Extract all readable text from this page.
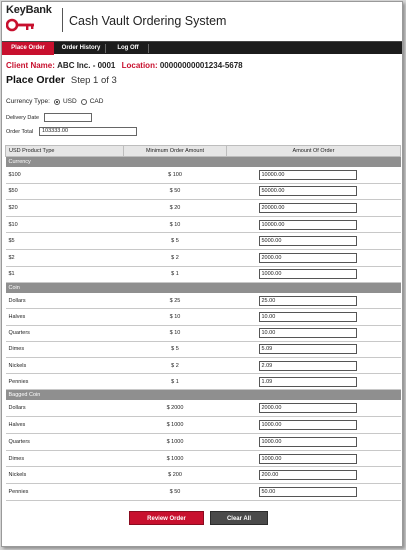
KeyBank
Cash Vault Ordering System
Place Order	Order History	Log Off
Client Name: ABC Inc. - 0001 Location: 00000000001234-5678
Place Order Step 1 of 3
Currency Type: USD CAD
Delivery Date
Order Total	103333.00
USD Product Type	Minimum Order Amount	Amount Of Order
Currency		
$100	$ 100	10000.00

$50	$ 50	50000.00

$20	$ 20	20000.00

$10	$ 10	10000.00

$5	$ 5	5000.00

$2	$ 2	2000.00

$1	$ 1	1000.00

Coin		
Dollars	$ 25	25.00

Halves	$ 10	10.00

Quarters	$ 10	10.00

Dimes	$ 5	5.09

Nickels	$ 2	2.09

Pennies	$ 1	1.09

Bagged Coin		
Dollars	$ 2000	2000.00

Halves	$ 1000	1000.00

Quarters	$ 1000	1000.00

Dimes	$ 1000	1000.00

Nickels	$ 200	200.00

Pennies	$ 50	50.00
Review Order	Clear All
